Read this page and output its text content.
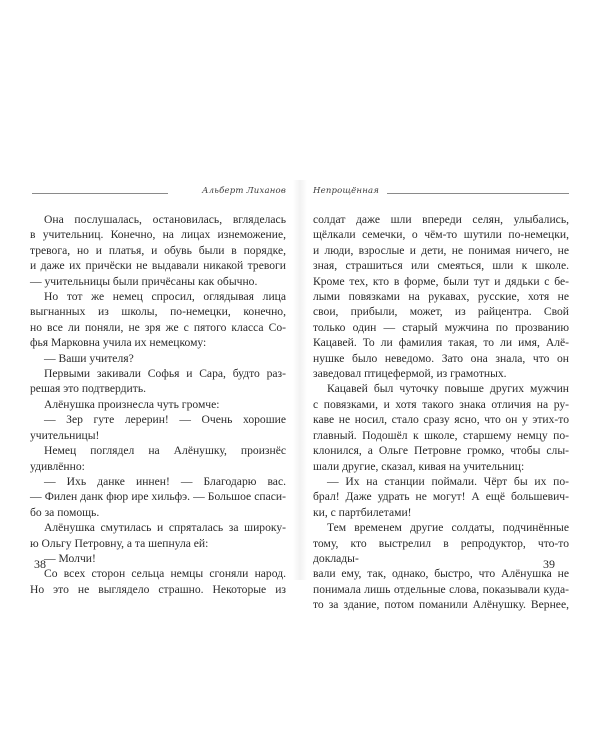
Альберт Лиханов
Она послушалась, остановилась, вгляделась
в учительниц. Конечно, на лицах изнеможение,
тревога, но и платья, и обувь были в порядке,
и даже их причёски не выдавали никакой тревоги
— учительницы были причёсаны как обычно.
Но тот же немец спросил, оглядывая лица
выгнанных из школы, по-немецки, конечно,
но все ли поняли, не зря же с пятого класса Со-
фья Марковна учила их немецкому:
— Ваши учителя?
Первыми закивали Софья и Сара, будто раз-
решая это подтвердить.
Алёнушка произнесла чуть громче:
— Зер гуте лерерин! — Очень хорошие
учительницы!
Немец поглядел на Алёнушку, произнёс
удивлённо:
— Ихь данке иннен! — Благодарю вас.
— Филен данк фюр ире хильфэ. — Большое спаси-
бо за помощь.
Алёнушка смутилась и спряталась за широку-
ю Ольгу Петровну, а та шепнула ей:
— Молчи!
Со всех сторон сельца немцы сгоняли народ.
Но это не выглядело страшно. Некоторые из
Непрощённая
солдат даже шли впереди селян, улыбались,
щёлкали семечки, о чём-то шутили по-немецки,
и люди, взрослые и дети, не понимая ничего, не
зная, страшиться или смеяться, шли к школе.
Кроме тех, кто в форме, были тут и дядьки с бе-
лыми повязками на рукавах, русские, хотя не
свои, прибыли, может, из райцентра. Свой
только один — старый мужчина по прозванию
Кацавей. То ли фамилия такая, то ли имя, Алё-
нушке было неведомо. Зато она знала, что он
заведовал птицефермой, из грамотных.
Кацавей был чуточку повыше других мужчин
с повязками, и хотя такого знака отличия на ру-
каве не носил, стало сразу ясно, что он у этих-то
главный. Подошёл к школе, старшему немцу по-
клонился, а Ольге Петровне громко, чтобы слы-
шали другие, сказал, кивая на учительниц:
— Их на станции поймали. Чёрт бы их по-
брал! Даже удрать не могут! А ещё большевич-
ки, с партбилетами!
Тем временем другие солдаты, подчинённые
тому, кто выстрелил в репродуктор, что-то доклады-
вали ему, так, однако, быстро, что Алёнушка не
понимала лишь отдельные слова, показывали куда-
то за здание, потом поманили Алёнушку. Вернее,
38	39
